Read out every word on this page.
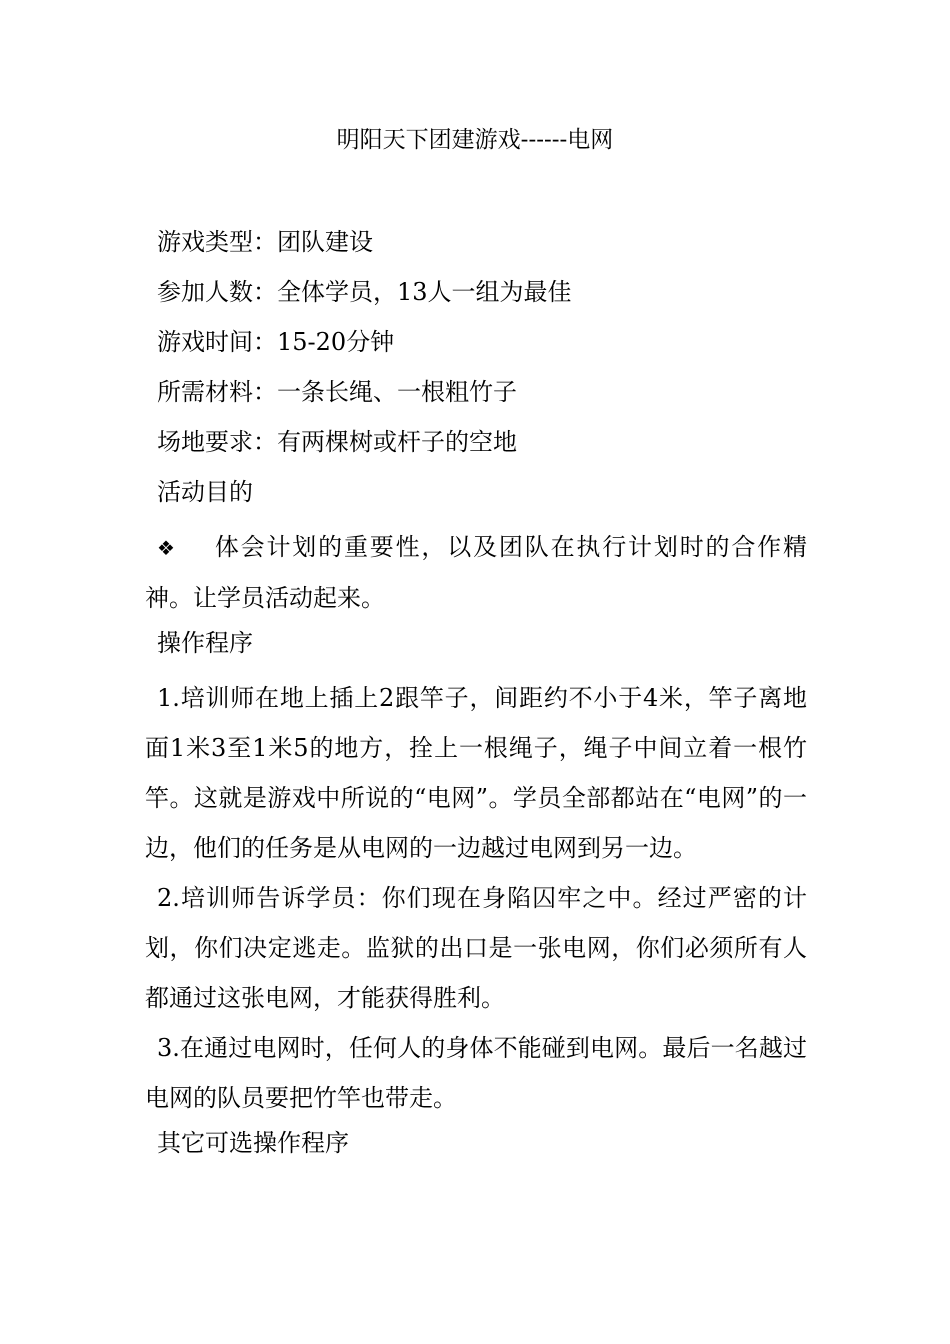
明阳天下团建游戏------电网
游戏类型：团队建设
参加人数：全体学员，13人一组为最佳
游戏时间：15-20分钟
所需材料：一条长绳、一根粗竹子
场地要求：有两棵树或杆子的空地
活动目的

❖ 体会计划的重要性，以及团队在执行计划时的合作精神。让学员活动起来。

操作程序

1.培训师在地上插上2跟竿子，间距约不小于4米，竿子离地面1米3至1米5的地方，拴上一根绳子，绳子中间立着一根竹竿。这就是游戏中所说的“电网”。学员全部都站在“电网”的一边，他们的任务是从电网的一边越过电网到另一边。

2.培训师告诉学员：你们现在身陷囚牢之中。经过严密的计划，你们决定逃走。监狱的出口是一张电网，你们必须所有人都通过这张电网，才能获得胜利。

3.在通过电网时，任何人的身体不能碰到电网。最后一名越过电网的队员要把竹竿也带走。

其它可选操作程序
